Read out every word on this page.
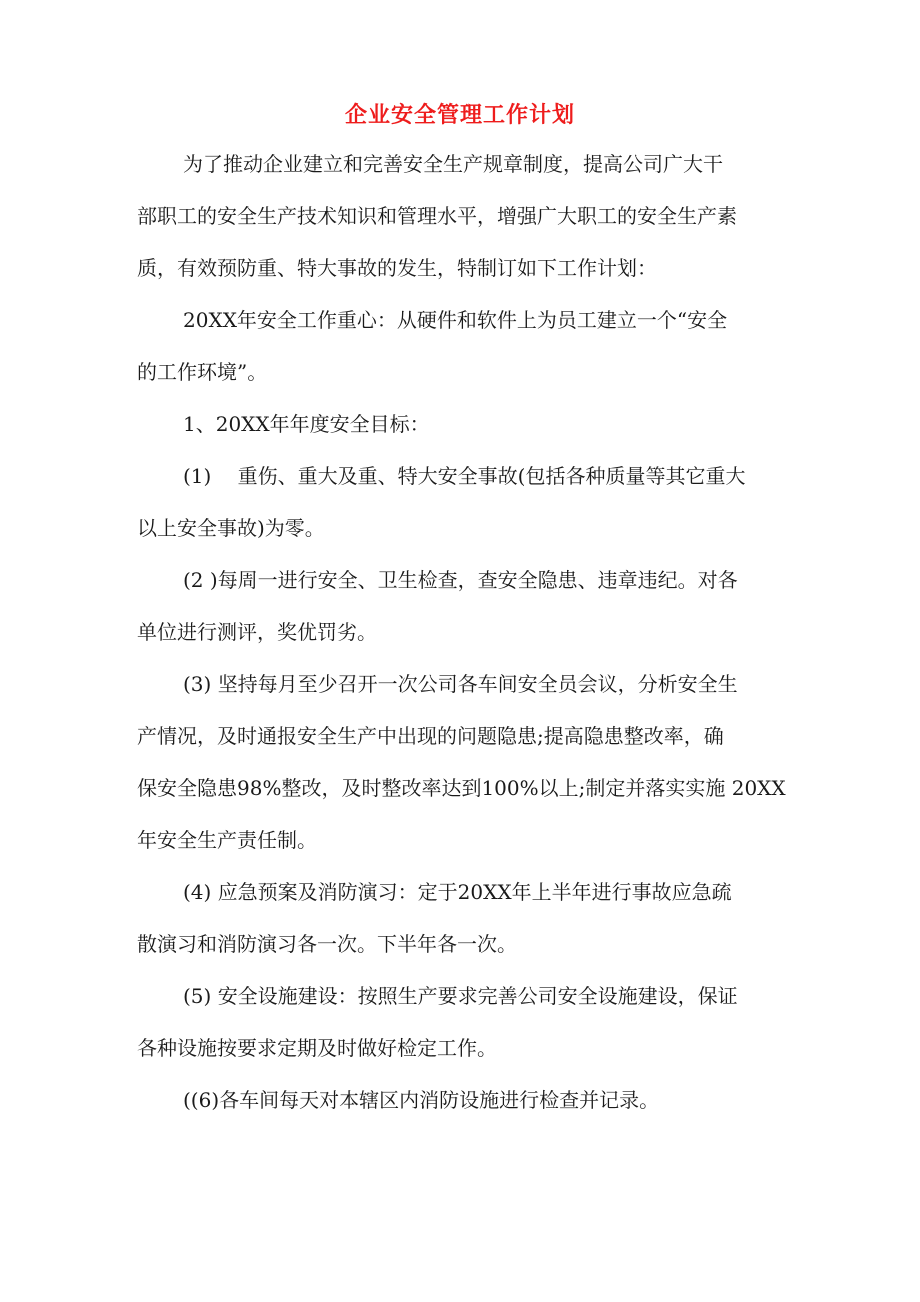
企业安全管理工作计划
为了推动企业建立和完善安全生产规章制度，提高公司广大干
部职工的安全生产技术知识和管理水平，增强广大职工的安全生产素
质，有效预防重、特大事故的发生，特制订如下工作计划：
20XX年安全工作重心：从硬件和软件上为员工建立一个“安全
的工作环境”。
1、20XX年年度安全目标：
(1)　 重伤、重大及重、特大安全事故(包括各种质量等其它重大
以上安全事故)为零。
(2 )每周一进行安全、卫生检查，查安全隐患、违章违纪。对各
单位进行测评，奖优罚劣。
(3) 坚持每月至少召开一次公司各车间安全员会议，分析安全生
产情况，及时通报安全生产中出现的问题隐患;提高隐患整改率，确
保安全隐患98%整改，及时整改率达到100%以上;制定并落实实施 20XX
年安全生产责任制。
(4) 应急预案及消防演习：定于20XX年上半年进行事故应急疏
散演习和消防演习各一次。下半年各一次。
(5) 安全设施建设：按照生产要求完善公司安全设施建设，保证
各种设施按要求定期及时做好检定工作。
((6)各车间每天对本辖区内消防设施进行检查并记录。
